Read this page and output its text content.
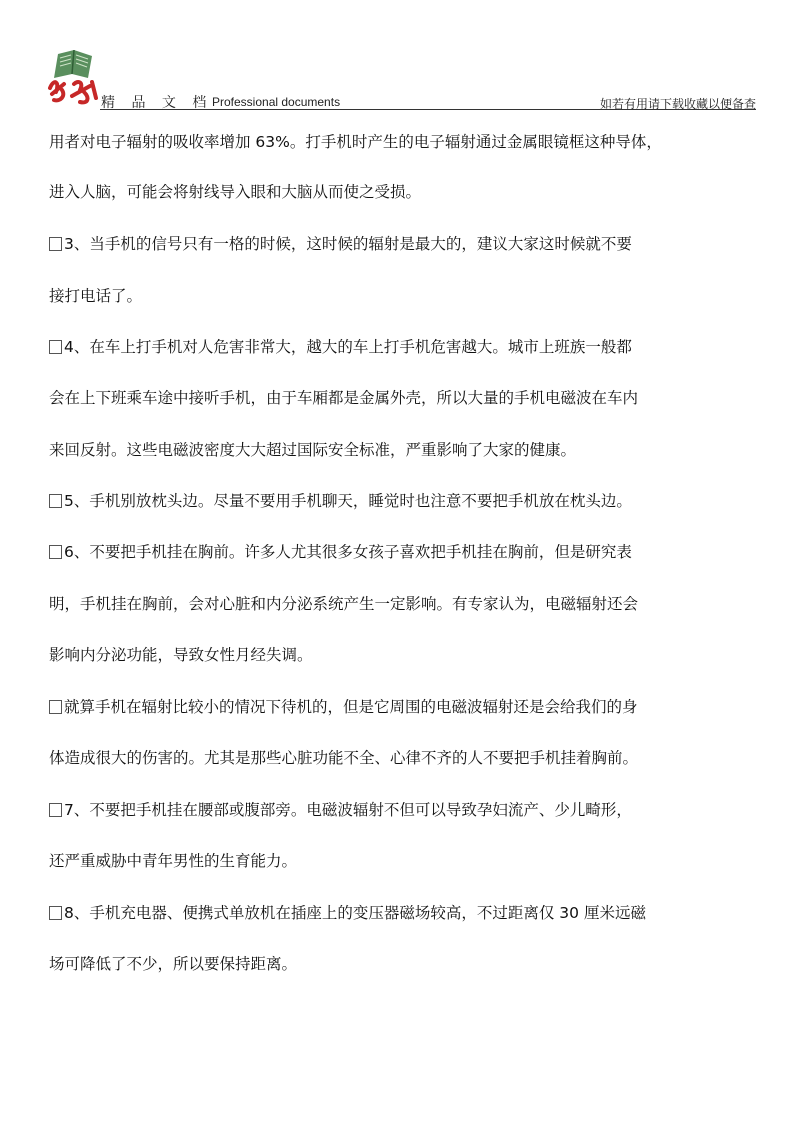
精 品 文 档 Professional documents	如若有用请下载收藏以便备查
用者对电子辐射的吸收率增加 63%。打手机时产生的电子辐射通过金属眼镜框这种导体，
进入人脑，可能会将射线导入眼和大脑从而使之受损。
3、当手机的信号只有一格的时候，这时候的辐射是最大的，建议大家这时候就不要
接打电话了。
4、在车上打手机对人危害非常大，越大的车上打手机危害越大。城市上班族一般都
会在上下班乘车途中接听手机，由于车厢都是金属外壳，所以大量的手机电磁波在车内
来回反射。这些电磁波密度大大超过国际安全标准，严重影响了大家的健康。
5、手机别放枕头边。尽量不要用手机聊天，睡觉时也注意不要把手机放在枕头边。
6、不要把手机挂在胸前。许多人尤其很多女孩子喜欢把手机挂在胸前，但是研究表
明，手机挂在胸前，会对心脏和内分泌系统产生一定影响。有专家认为，电磁辐射还会
影响内分泌功能，导致女性月经失调。
就算手机在辐射比较小的情况下待机的，但是它周围的电磁波辐射还是会给我们的身
体造成很大的伤害的。尤其是那些心脏功能不全、心律不齐的人不要把手机挂着胸前。
7、不要把手机挂在腰部或腹部旁。电磁波辐射不但可以导致孕妇流产、少儿畸形，
还严重威胁中青年男性的生育能力。
8、手机充电器、便携式单放机在插座上的变压器磁场较高，不过距离仅 30 厘米远磁
场可降低了不少，所以要保持距离。
